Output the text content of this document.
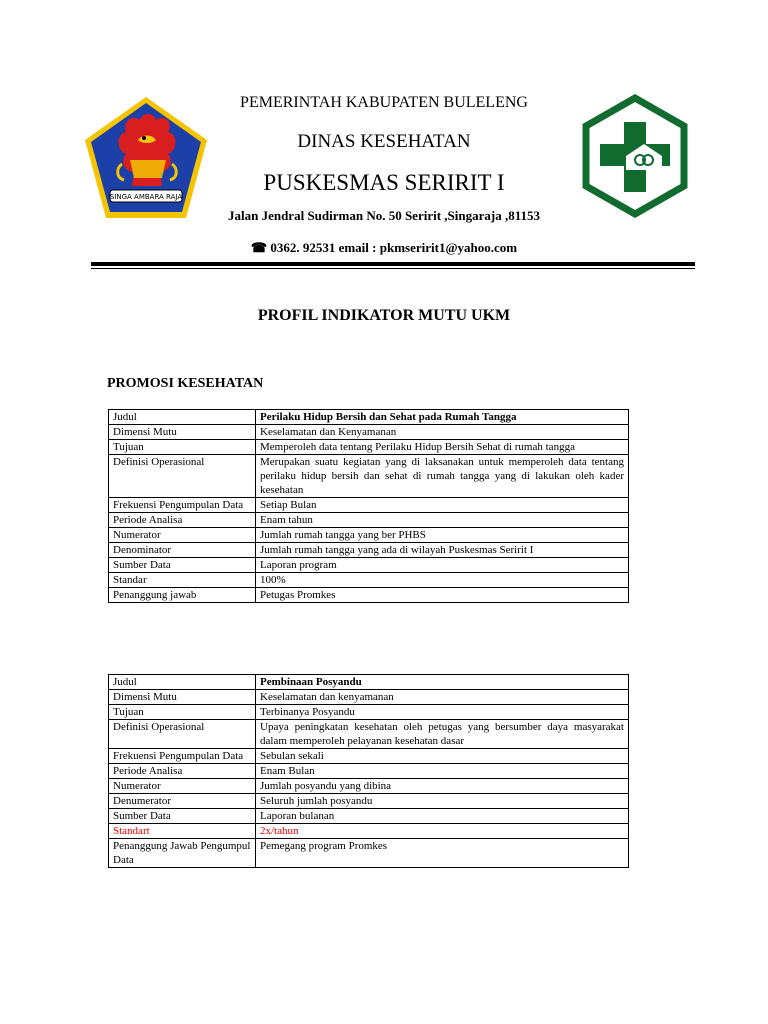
SINGA AMBARA RAJA
PEMERINTAH KABUPATEN BULELENG
DINAS KESEHATAN
PUSKESMAS SERIRIT I
Jalan Jendral Sudirman No. 50 Seririt ,Singaraja ,81153
☎ 0362. 92531 email : pkmseririt1@yahoo.com
PROFIL INDIKATOR MUTU UKM
PROMOSI KESEHATAN
Judul	Perilaku Hidup Bersih dan Sehat pada Rumah Tangga
Dimensi Mutu	Keselamatan dan Kenyamanan
Tujuan	Memperoleh data tentang Perilaku Hidup Bersih Sehat di rumah tangga
Definisi Operasional	Merupakan suatu kegiatan yang di laksanakan untuk memperoleh data tentang perilaku hidup bersih dan sehat di rumah tangga yang di lakukan oleh kader kesehatan
Frekuensi Pengumpulan Data	Setiap Bulan
Periode Analisa	Enam tahun
Numerator	Jumlah rumah tangga yang ber PHBS
Denominator	Jumlah rumah tangga yang ada di wilayah Puskesmas Seririt I
Sumber Data	Laporan program
Standar	100%
Penanggung jawab	Petugas Promkes
Judul	Pembinaan Posyandu
Dimensi Mutu	Keselamatan dan kenyamanan
Tujuan	Terbinanya Posyandu
Definisi Operasional	Upaya peningkatan kesehatan oleh petugas yang bersumber daya masyarakat dalam memperoleh pelayanan kesehatan dasar
Frekuensi Pengumpulan Data	Sebulan sekali
Periode Analisa	Enam Bulan
Numerator	Jumlah posyandu yang dibina
Denumerator	Seluruh jumlah posyandu
Sumber Data	Laporan bulanan
Standart	2x/tahun
Penanggung Jawab Pengumpul Data	Pemegang program Promkes
